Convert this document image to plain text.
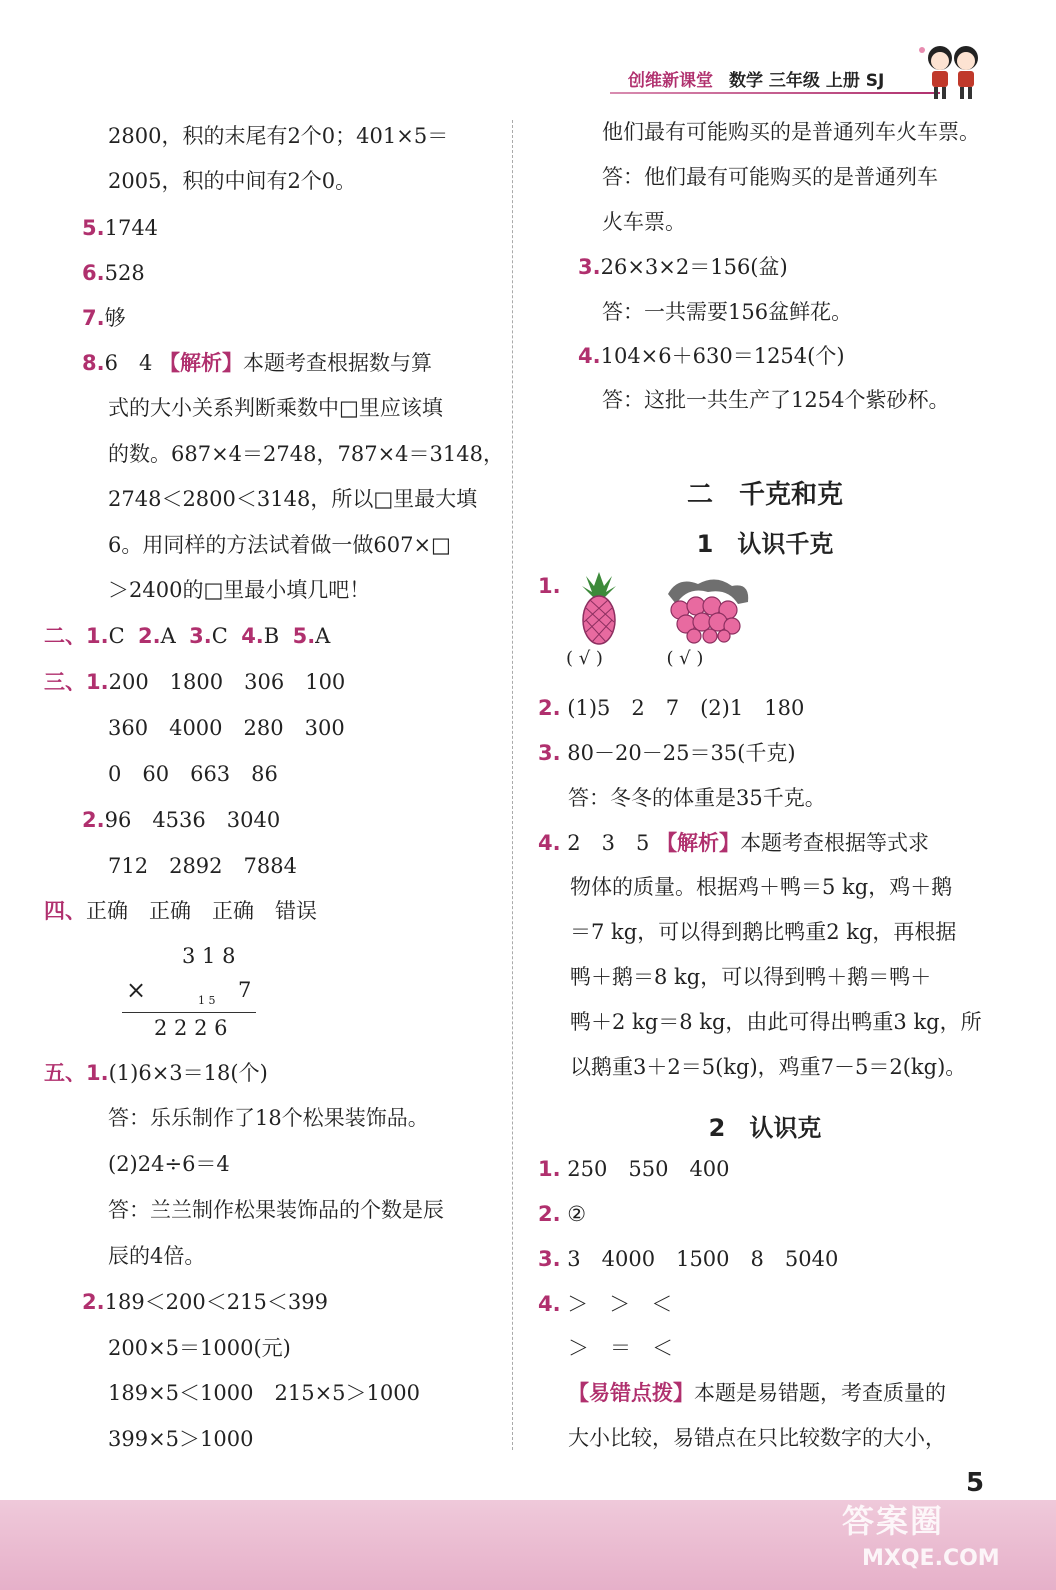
创维新课堂 数学 三年级 上册 SJ
2800，积的末尾有2个0；401×5＝
2005，积的中间有2个0。
5.1744
6.528
7.够
8.6　4 【解析】本题考查根据数与算
式的大小关系判断乘数中□里应该填
的数。687×4＝2748，787×4＝3148，
2748＜2800＜3148，所以□里最大填
6。用同样的方法试着做一做607×□
＞2400的□里最小填几吧！
二、1.C 2.A 3.C 4.B 5.A
三、1.200　1800　306　100
360　4000　280　300
0　60　663　86
2.96　4536　3040
712　2892　7884
四、正确　正确　正确　错误
3 1 8
×	1 5 7
2 2 2 6
五、1.(1)6×3＝18(个)
答：乐乐制作了18个松果装饰品。
(2)24÷6＝4
答：兰兰制作松果装饰品的个数是辰
辰的4倍。
2.189＜200＜215＜399
200×5＝1000(元)
189×5＜1000　215×5＞1000
399×5＞1000
他们最有可能购买的是普通列车火车票。
答：他们最有可能购买的是普通列车
火车票。
3.26×3×2＝156(盆)
答：一共需要156盆鲜花。
4.104×6＋630＝1254(个)
答：这批一共生产了1254个紫砂杯。
二　千克和克
1　认识千克
1.
( √ )	( √ )
2. (1)5　2　7　(2)1　180
3. 80－20－25＝35(千克)
答：冬冬的体重是35千克。
4. 2　3　5 【解析】本题考查根据等式求
物体的质量。根据鸡＋鸭＝5 kg，鸡＋鹅
＝7 kg，可以得到鹅比鸭重2 kg，再根据
鸭＋鹅＝8 kg，可以得到鸭＋鹅＝鸭＋
鸭＋2 kg＝8 kg，由此可得出鸭重3 kg，所
以鹅重3＋2＝5(kg)，鸡重7－5＝2(kg)。
2　认识克
1. 250　550　400
2. ②
3. 3　4000　1500　8　5040
4. ＞　＞　＜
＞　＝　＜
【易错点拨】本题是易错题，考查质量的
大小比较，易错点在只比较数字的大小，
5
答案圈
MXQE.COM
